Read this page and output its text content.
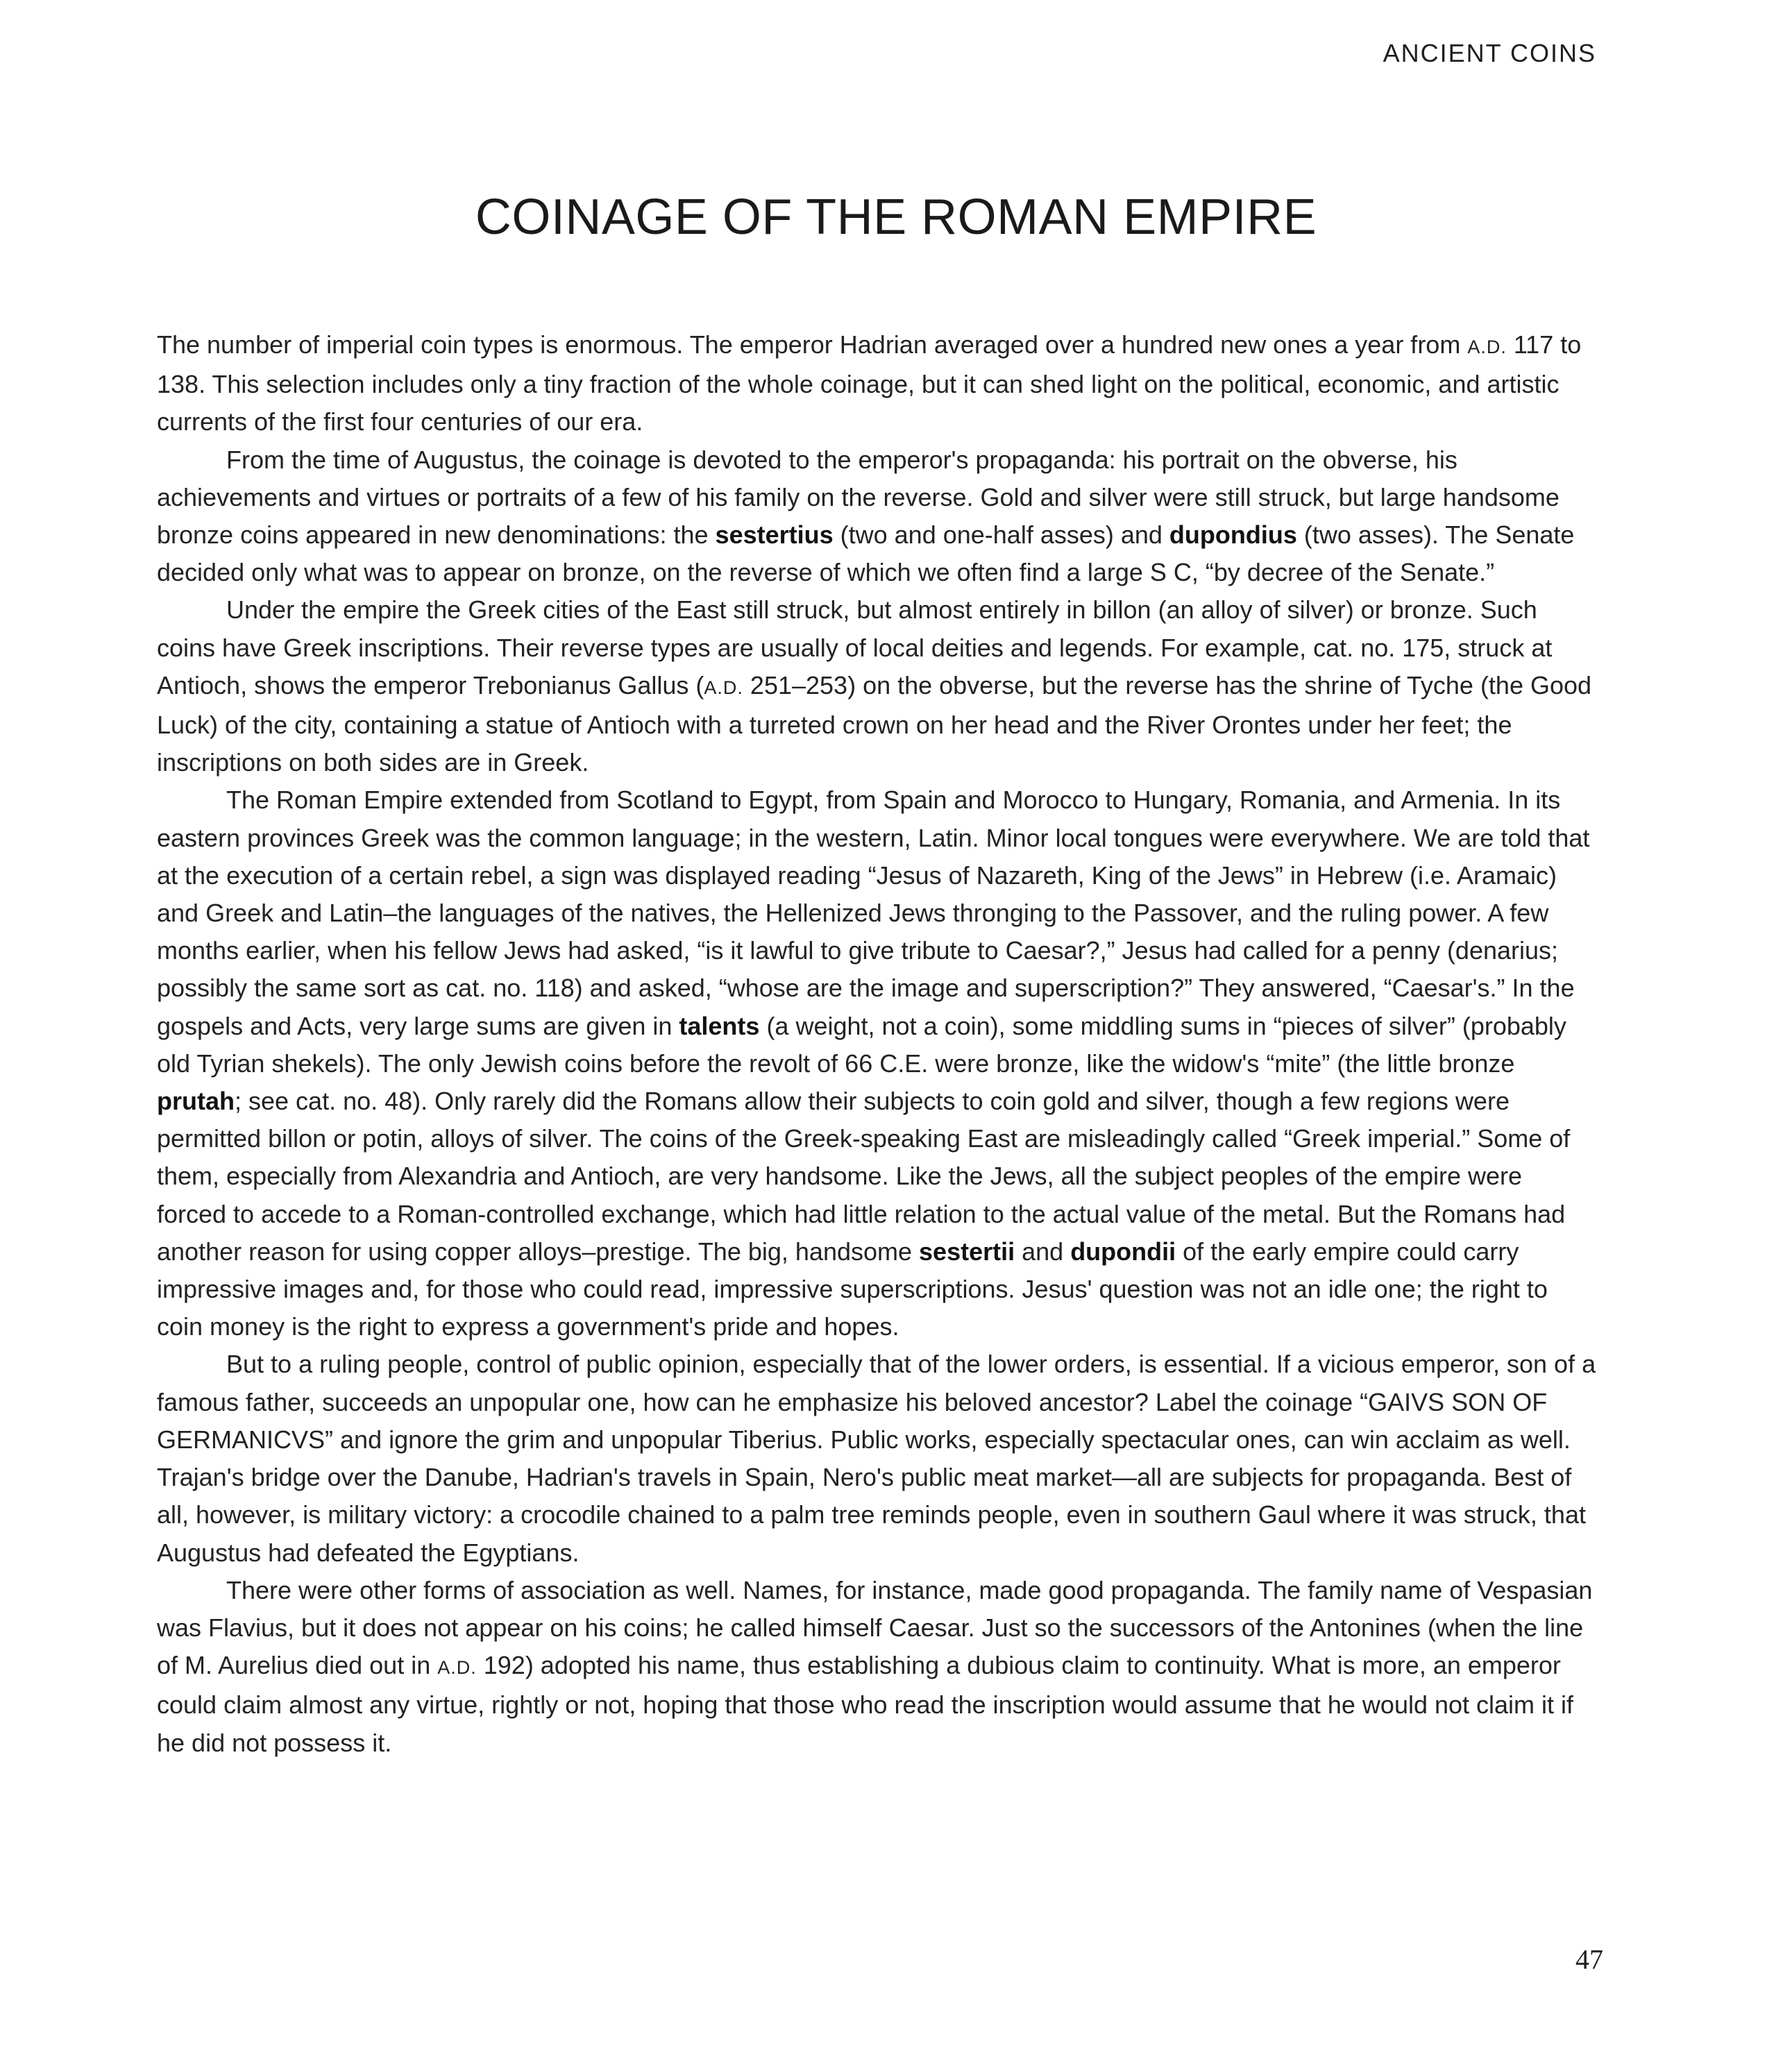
ANCIENT COINS
COINAGE OF THE ROMAN EMPIRE

The number of imperial coin types is enormous. The emperor Hadrian averaged over a hundred new ones a year from A.D. 117 to 138. This selection includes only a tiny fraction of the whole coinage, but it can shed light on the political, economic, and artistic currents of the first four centuries of our era.

From the time of Augustus, the coinage is devoted to the emperor's propaganda: his portrait on the obverse, his achievements and virtues or portraits of a few of his family on the reverse. Gold and silver were still struck, but large handsome bronze coins appeared in new denominations: the sestertius (two and one-half asses) and dupondius (two asses). The Senate decided only what was to appear on bronze, on the reverse of which we often find a large S C, “by decree of the Senate.”

Under the empire the Greek cities of the East still struck, but almost entirely in billon (an alloy of silver) or bronze. Such coins have Greek inscriptions. Their reverse types are usually of local deities and legends. For example, cat. no. 175, struck at Antioch, shows the emperor Trebonianus Gallus (A.D. 251–253) on the obverse, but the reverse has the shrine of Tyche (the Good Luck) of the city, containing a statue of Antioch with a turreted crown on her head and the River Orontes under her feet; the inscriptions on both sides are in Greek.

The Roman Empire extended from Scotland to Egypt, from Spain and Morocco to Hungary, Romania, and Armenia. In its eastern provinces Greek was the common language; in the western, Latin. Minor local tongues were everywhere. We are told that at the execution of a certain rebel, a sign was displayed reading “Jesus of Nazareth, King of the Jews” in Hebrew (i.e. Aramaic) and Greek and Latin–the languages of the natives, the Hellenized Jews thronging to the Passover, and the ruling power. A few months earlier, when his fellow Jews had asked, “is it lawful to give tribute to Caesar?,” Jesus had called for a penny (denarius; possibly the same sort as cat. no. 118) and asked, “whose are the image and superscription?” They answered, “Caesar's.” In the gospels and Acts, very large sums are given in talents (a weight, not a coin), some middling sums in “pieces of silver” (probably old Tyrian shekels). The only Jewish coins before the revolt of 66 C.E. were bronze, like the widow's “mite” (the little bronze prutah; see cat. no. 48). Only rarely did the Romans allow their subjects to coin gold and silver, though a few regions were permitted billon or potin, alloys of silver. The coins of the Greek-speaking East are misleadingly called “Greek imperial.” Some of them, especially from Alexandria and Antioch, are very handsome. Like the Jews, all the subject peoples of the empire were forced to accede to a Roman-controlled exchange, which had little relation to the actual value of the metal. But the Romans had another reason for using copper alloys–prestige. The big, handsome sestertii and dupondii of the early empire could carry impressive images and, for those who could read, impressive superscriptions. Jesus' question was not an idle one; the right to coin money is the right to express a government's pride and hopes.

But to a ruling people, control of public opinion, especially that of the lower orders, is essential. If a vicious emperor, son of a famous father, succeeds an unpopular one, how can he emphasize his beloved ancestor? Label the coinage “GAIVS SON OF GERMANICVS” and ignore the grim and unpopular Tiberius. Public works, especially spectacular ones, can win acclaim as well. Trajan's bridge over the Danube, Hadrian's travels in Spain, Nero's public meat market—all are subjects for propaganda. Best of all, however, is military victory: a crocodile chained to a palm tree reminds people, even in southern Gaul where it was struck, that Augustus had defeated the Egyptians.

There were other forms of association as well. Names, for instance, made good propaganda. The family name of Vespasian was Flavius, but it does not appear on his coins; he called himself Caesar. Just so the successors of the Antonines (when the line of M. Aurelius died out in A.D. 192) adopted his name, thus establishing a dubious claim to continuity. What is more, an emperor could claim almost any virtue, rightly or not, hoping that those who read the inscription would assume that he would not claim it if he did not possess it.

47
